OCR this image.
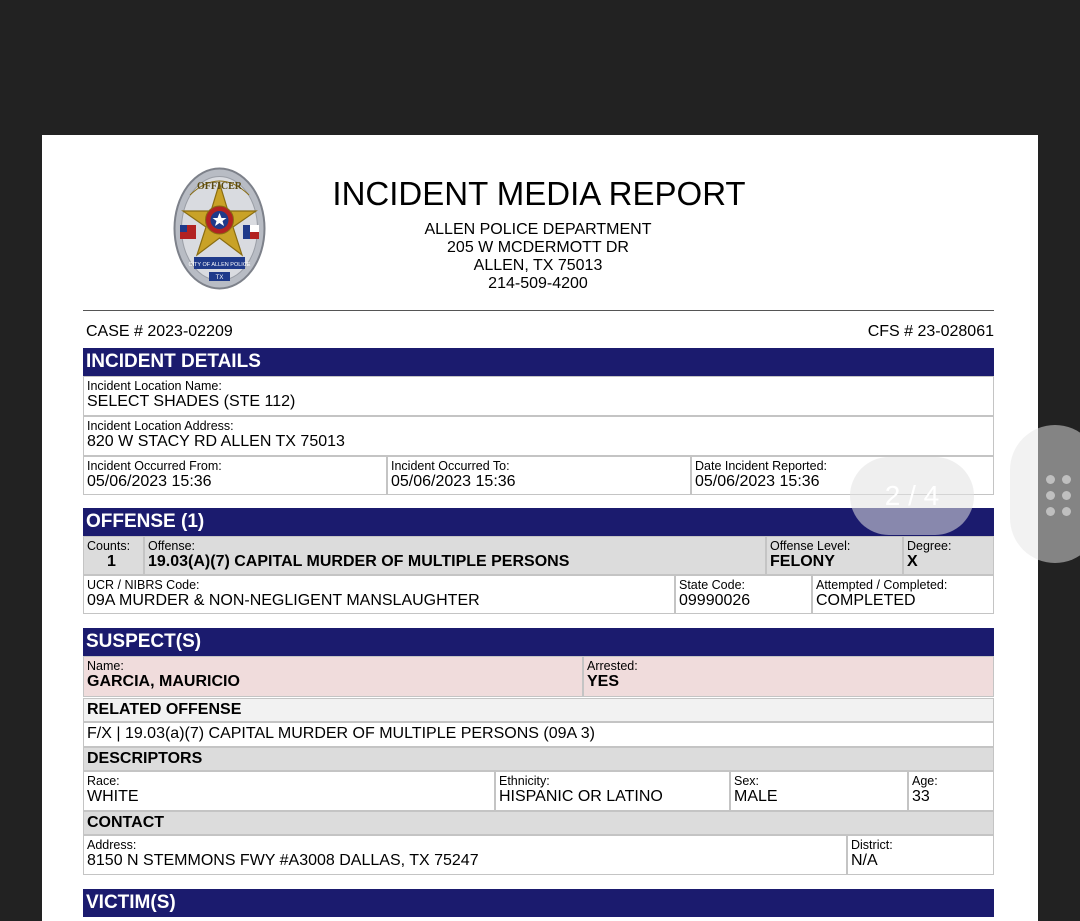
OFFICER
CITY OF ALLEN POLICE
TX
INCIDENT MEDIA REPORT
ALLEN POLICE DEPARTMENT
205 W MCDERMOTT DR
ALLEN, TX 75013
214-509-4200
CASE # 2023-02209	CFS # 23-028061
INCIDENT DETAILS
Incident Location Name:
SELECT SHADES (STE 112)
Incident Location Address:
820 W STACY RD ALLEN TX 75013
Incident Occurred From:
05/06/2023 15:36
Incident Occurred To:
05/06/2023 15:36
Date Incident Reported:
05/06/2023 15:36
OFFENSE (1)
Counts:
1
Offense:
19.03(A)(7) CAPITAL MURDER OF MULTIPLE PERSONS
Offense Level:
FELONY
Degree:
X
UCR / NIBRS Code:
09A MURDER & NON-NEGLIGENT MANSLAUGHTER
State Code:
09990026
Attempted / Completed:
COMPLETED
SUSPECT(S)
Name:
GARCIA, MAURICIO
Arrested:
YES
RELATED OFFENSE
F/X | 19.03(a)(7) CAPITAL MURDER OF MULTIPLE PERSONS (09A 3)
DESCRIPTORS
Race:
WHITE
Ethnicity:
HISPANIC OR LATINO
Sex:
MALE
Age:
33
CONTACT
Address:
8150 N STEMMONS FWY #A3008 DALLAS, TX 75247
District:
N/A
VICTIM(S)
2 / 4
